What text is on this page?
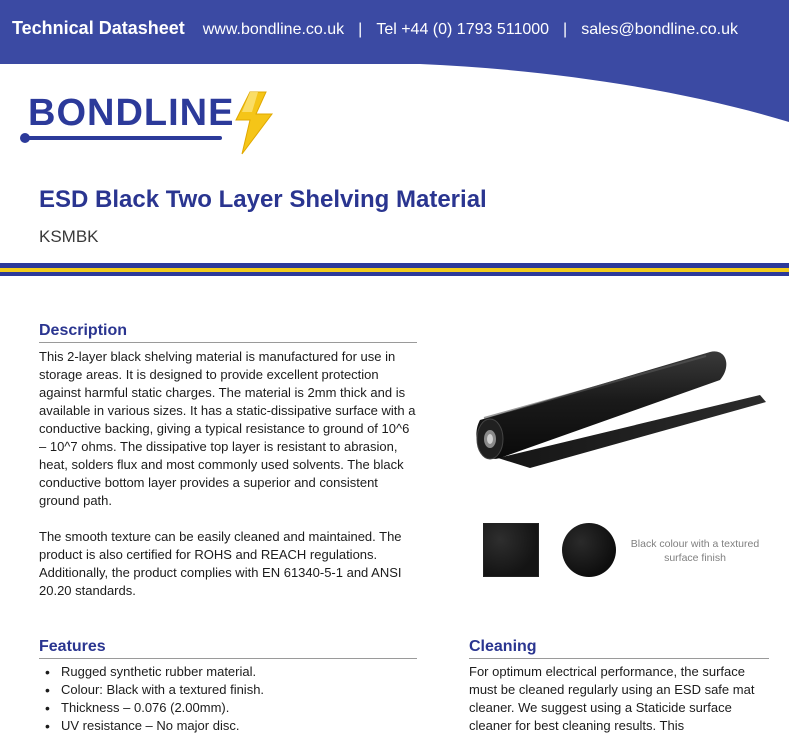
Technical Datasheet www.bondline.co.uk | Tel +44 (0) 1793 511000 | sales@bondline.co.uk
BONDLINE
ESD Black Two Layer Shelving Material
KSMBK
Description

This 2-layer black shelving material is manufactured for use in storage areas. It is designed to provide excellent protection against harmful static charges. The material is 2mm thick and is available in various sizes. It has a static-dissipative surface with a conductive backing, giving a typical resistance to ground of 10^6 – 10^7 ohms. The dissipative top layer is resistant to abrasion, heat, solders flux and most commonly used solvents. The black conductive bottom layer provides a superior and consistent ground path.

The smooth texture can be easily cleaned and maintained. The product is also certified for ROHS and REACH regulations. Additionally, the product complies with EN 61340-5-1 and ANSI 20.20 standards.

Black colour with a textured surface finish
Features
• Rugged synthetic rubber material.
• Colour: Black with a textured finish.
• Thickness – 0.076 (2.00mm).
• UV resistance – No major disc.
Cleaning

For optimum electrical performance, the surface must be cleaned regularly using an ESD safe mat cleaner. We suggest using a Staticide surface cleaner for best cleaning results. This
